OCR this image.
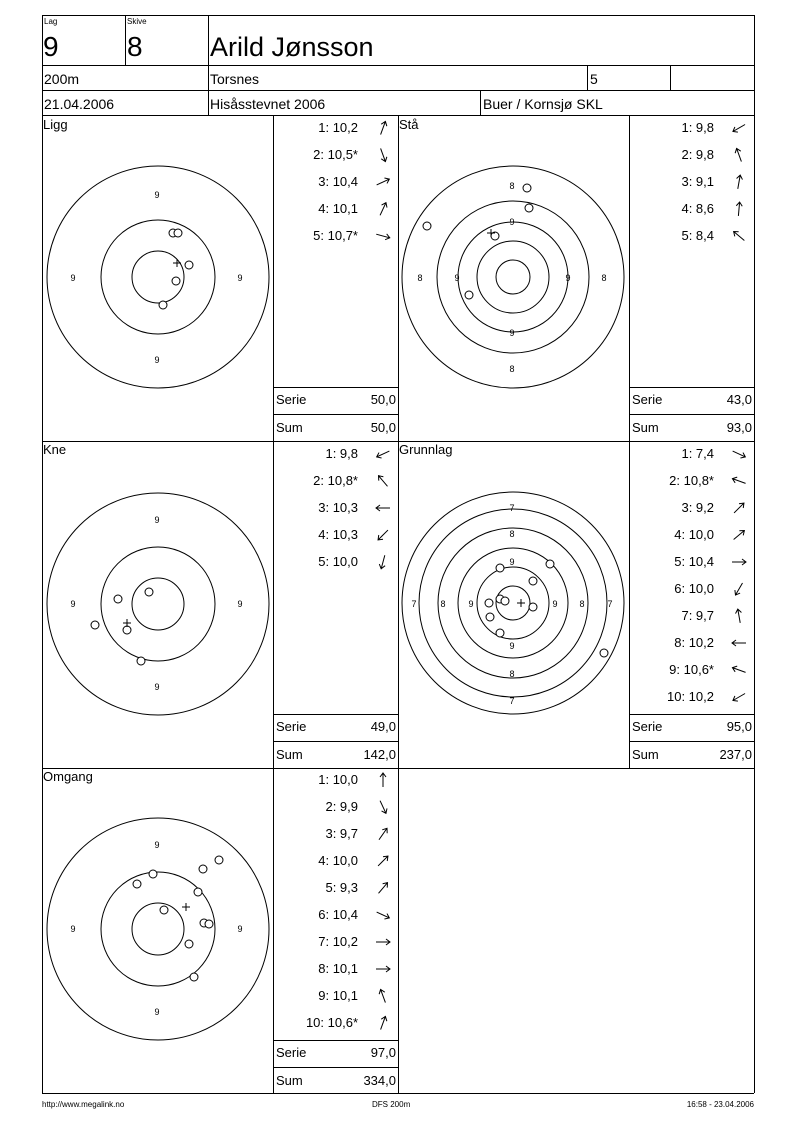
Lag
9
Skive
8 Arild Jønsson
200m	Torsnes	5
21.04.2006	Hisåsstevnet 2006	Buer / Kornsjø SKL
Ligg	Stå
Kne	Grunnlag
Omgang
9
9
9	9
8
9
9
8
8	9	9	8
9
9
9	9
7
8
9
9
8
7
7	8	9	9 8	7
9
9
9	9
1: 10,2
2: 10,5*
3: 10,4
4: 10,1
5: 10,7*
1: 9,8
2: 9,8
3: 9,1
4: 8,6
5: 8,4
1: 9,8
2: 10,8*
3: 10,3
4: 10,3
5: 10,0
1: 7,4
2: 10,8*
3: 9,2
4: 10,0
5: 10,4
6: 10,0
7: 9,7
8: 10,2
9: 10,6*
10: 10,2
1: 10,0
2: 9,9
3: 9,7
4: 10,0
5: 9,3
6: 10,4
7: 10,2
8: 10,1
9: 10,1
10: 10,6*
Serie	50,0
Sum	50,0
Serie	43,0
Sum	93,0
Serie	49,0
Sum	142,0
Serie	95,0
Sum	237,0
Serie	97,0
Sum	334,0
http://www.megalink.no	DFS 200m	16:58 - 23.04.2006
